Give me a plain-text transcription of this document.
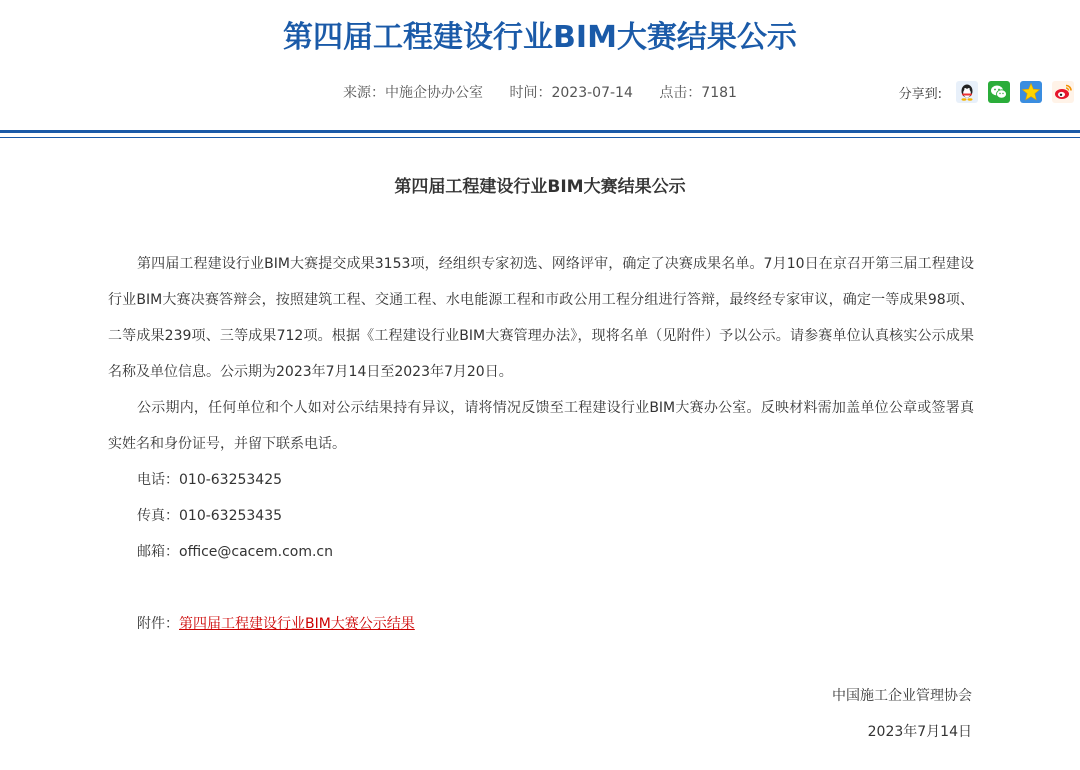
第四届工程建设行业BIM大赛结果公示
来源：中施企协办公室 时间：2023-07-14 点击：7181	分享到:
第四届工程建设行业BIM大赛结果公示

第四届工程建设行业BIM大赛提交成果3153项，经组织专家初选、网络评审，确定了决赛成果名单。7月10日在京召开第三届工程建设行业BIM大赛决赛答辩会，按照建筑工程、交通工程、水电能源工程和市政公用工程分组进行答辩，最终经专家审议，确定一等成果98项、二等成果239项、三等成果712项。根据《工程建设行业BIM大赛管理办法》，现将名单（见附件）予以公示。请参赛单位认真核实公示成果名称及单位信息。公示期为2023年7月14日至2023年7月20日。

公示期内，任何单位和个人如对公示结果持有异议，请将情况反馈至工程建设行业BIM大赛办公室。反映材料需加盖单位公章或签署真实姓名和身份证号，并留下联系电话。

电话：010-63253425

传真：010-63253435

邮箱：office@cacem.com.cn

附件：第四届工程建设行业BIM大赛公示结果

中国施工企业管理协会
2023年7月14日
